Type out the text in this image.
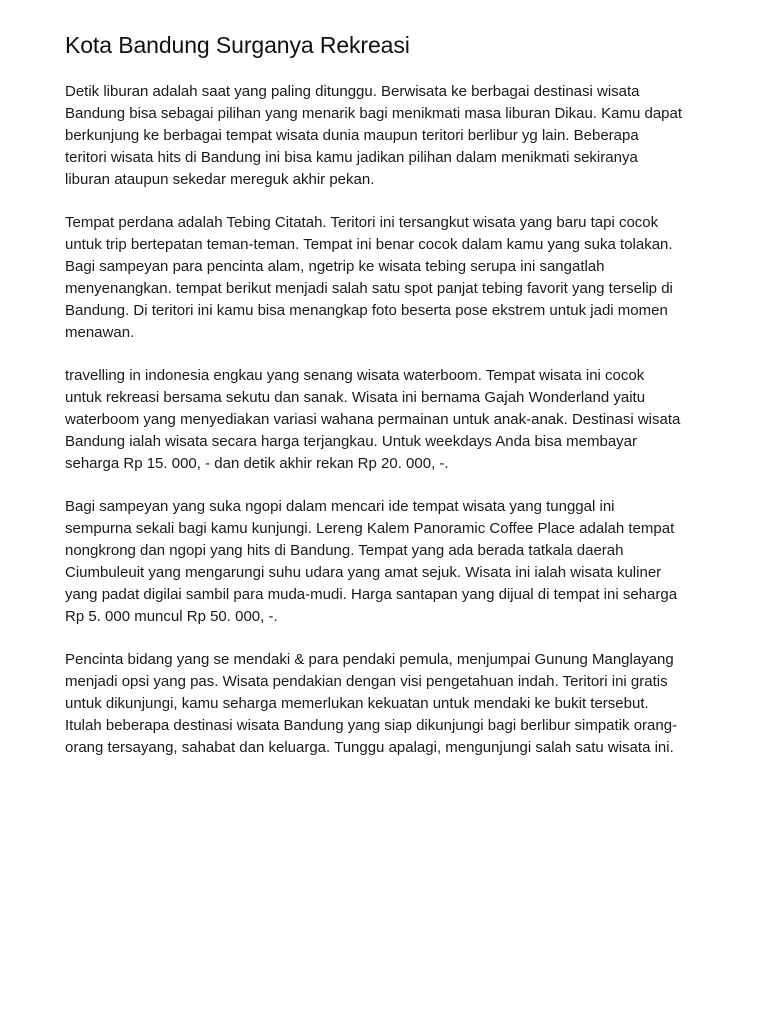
Kota Bandung Surganya Rekreasi

Detik liburan adalah saat yang paling ditunggu. Berwisata ke berbagai destinasi wisata
Bandung bisa sebagai pilihan yang menarik bagi menikmati masa liburan Dikau. Kamu dapat
berkunjung ke berbagai tempat wisata dunia maupun teritori berlibur yg lain. Beberapa
teritori wisata hits di Bandung ini bisa kamu jadikan pilihan dalam menikmati sekiranya
liburan ataupun sekedar mereguk akhir pekan.

Tempat perdana adalah Tebing Citatah. Teritori ini tersangkut wisata yang baru tapi cocok
untuk trip bertepatan teman-teman. Tempat ini benar cocok dalam kamu yang suka tolakan.
Bagi sampeyan para pencinta alam, ngetrip ke wisata tebing serupa ini sangatlah
menyenangkan. tempat berikut menjadi salah satu spot panjat tebing favorit yang terselip di
Bandung. Di teritori ini kamu bisa menangkap foto beserta pose ekstrem untuk jadi momen
menawan.

travelling in indonesia engkau yang senang wisata waterboom. Tempat wisata ini cocok
untuk rekreasi bersama sekutu dan sanak. Wisata ini bernama Gajah Wonderland yaitu
waterboom yang menyediakan variasi wahana permainan untuk anak-anak. Destinasi wisata
Bandung ialah wisata secara harga terjangkau. Untuk weekdays Anda bisa membayar
seharga Rp 15. 000, - dan detik akhir rekan Rp 20. 000, -.

Bagi sampeyan yang suka ngopi dalam mencari ide tempat wisata yang tunggal ini
sempurna sekali bagi kamu kunjungi. Lereng Kalem Panoramic Coffee Place adalah tempat
nongkrong dan ngopi yang hits di Bandung. Tempat yang ada berada tatkala daerah
Ciumbuleuit yang mengarungi suhu udara yang amat sejuk. Wisata ini ialah wisata kuliner
yang padat digilai sambil para muda-mudi. Harga santapan yang dijual di tempat ini seharga
Rp 5. 000 muncul Rp 50. 000, -.

Pencinta bidang yang se mendaki & para pendaki pemula, menjumpai Gunung Manglayang
menjadi opsi yang pas. Wisata pendakian dengan visi pengetahuan indah. Teritori ini gratis
untuk dikunjungi, kamu seharga memerlukan kekuatan untuk mendaki ke bukit tersebut.
Itulah beberapa destinasi wisata Bandung yang siap dikunjungi bagi berlibur simpatik orang-
orang tersayang, sahabat dan keluarga. Tunggu apalagi, mengunjungi salah satu wisata ini.
